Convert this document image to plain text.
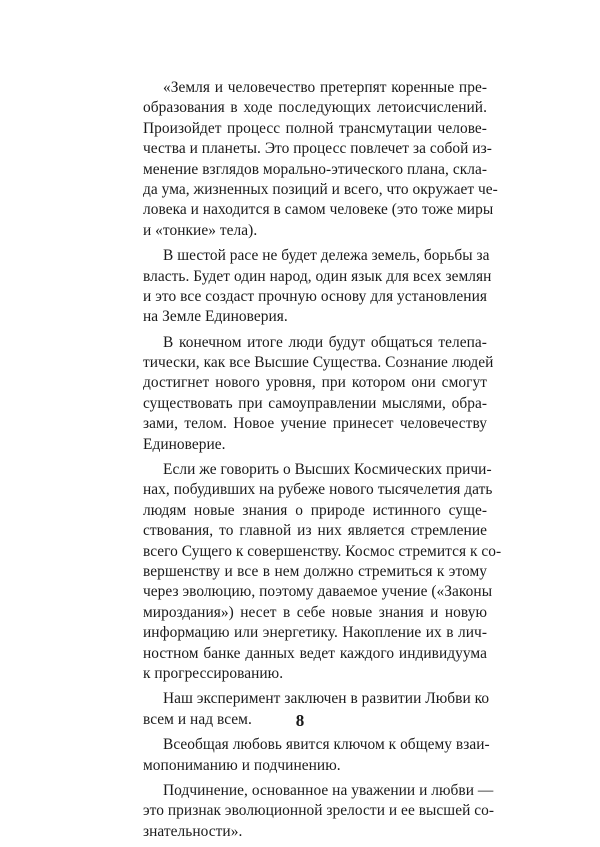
«Земля и человечество претерпят коренные пре-
образования в ходе последующих летоисчислений.
Произойдет процесс полной трансмутации челове-
чества и планеты. Это процесс повлечет за собой из-
менение взглядов морально-этического плана, скла-
да ума, жизненных позиций и всего, что окружает че-
ловека и находится в самом человеке (это тоже миры
и «тонкие» тела).

В шестой расе не будет дележа земель, борьбы за
власть. Будет один народ, один язык для всех землян
и это все создаст прочную основу для установления
на Земле Единоверия.

В конечном итоге люди будут общаться телепа-
тически, как все Высшие Существа. Сознание людей
достигнет нового уровня, при котором они смогут
существовать при самоуправлении мыслями, обра-
зами, телом. Новое учение принесет человечеству
Единоверие.

Если же говорить о Высших Космических причи-
нах, побудивших на рубеже нового тысячелетия дать
людям новые знания о природе истинного суще-
ствования, то главной из них является стремление
всего Сущего к совершенству. Космос стремится к со-
вершенству и все в нем должно стремиться к этому
через эволюцию, поэтому даваемое учение («Законы
мироздания») несет в себе новые знания и новую
информацию или энергетику. Накопление их в лич-
ностном банке данных ведет каждого индивидуума
к прогрессированию.

Наш эксперимент заключен в развитии Любви ко
всем и над всем.

Всеобщая любовь явится ключом к общему взаи-
мопониманию и подчинению.

Подчинение, основанное на уважении и любви —
это признак эволюционной зрелости и ее высшей со-
знательности».

8
